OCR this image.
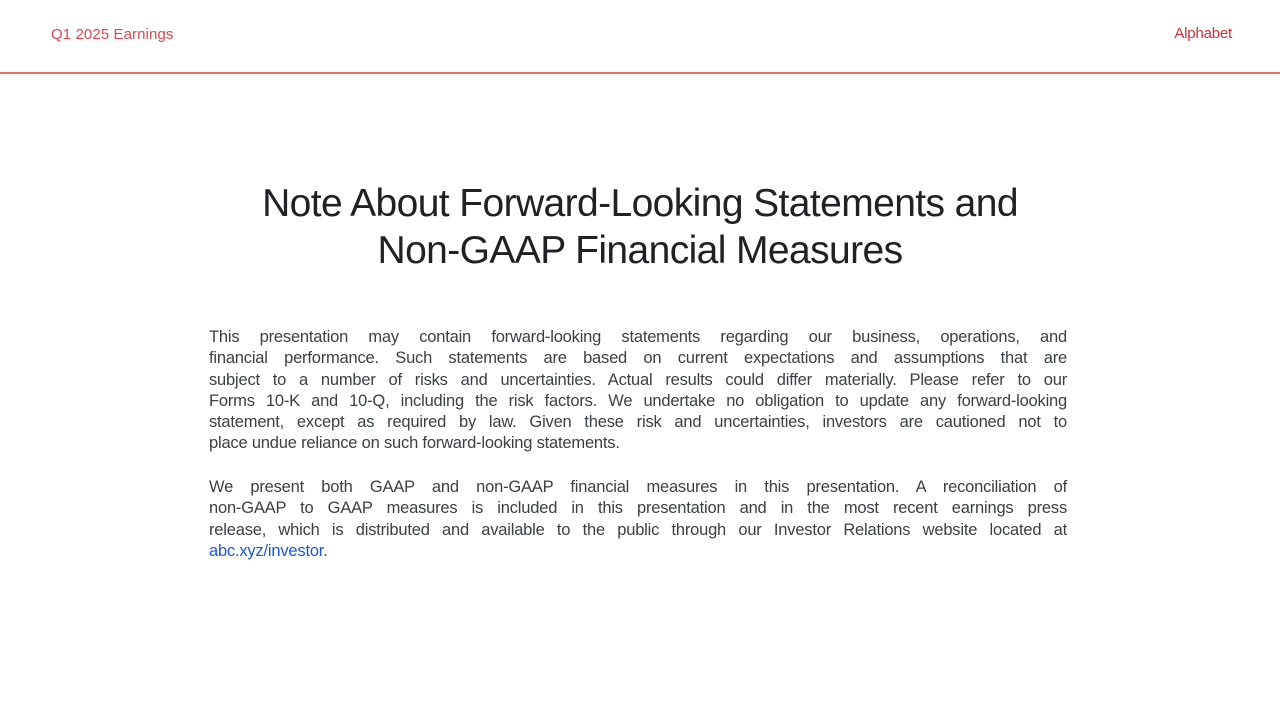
Q1 2025 Earnings	Alphabet
Note About Forward-Looking Statements and
Non-GAAP Financial Measures
This presentation may contain forward-looking statements regarding our business, operations, and
financial performance. Such statements are based on current expectations and assumptions that are
subject to a number of risks and uncertainties. Actual results could differ materially. Please refer to our
Forms 10-K and 10-Q, including the risk factors. We undertake no obligation to update any forward-looking
statement, except as required by law. Given these risk and uncertainties, investors are cautioned not to
place undue reliance on such forward-looking statements.
We present both GAAP and non-GAAP financial measures in this presentation. A reconciliation of
non-GAAP to GAAP measures is included in this presentation and in the most recent earnings press
release, which is distributed and available to the public through our Investor Relations website located at
abc.xyz/investor.
